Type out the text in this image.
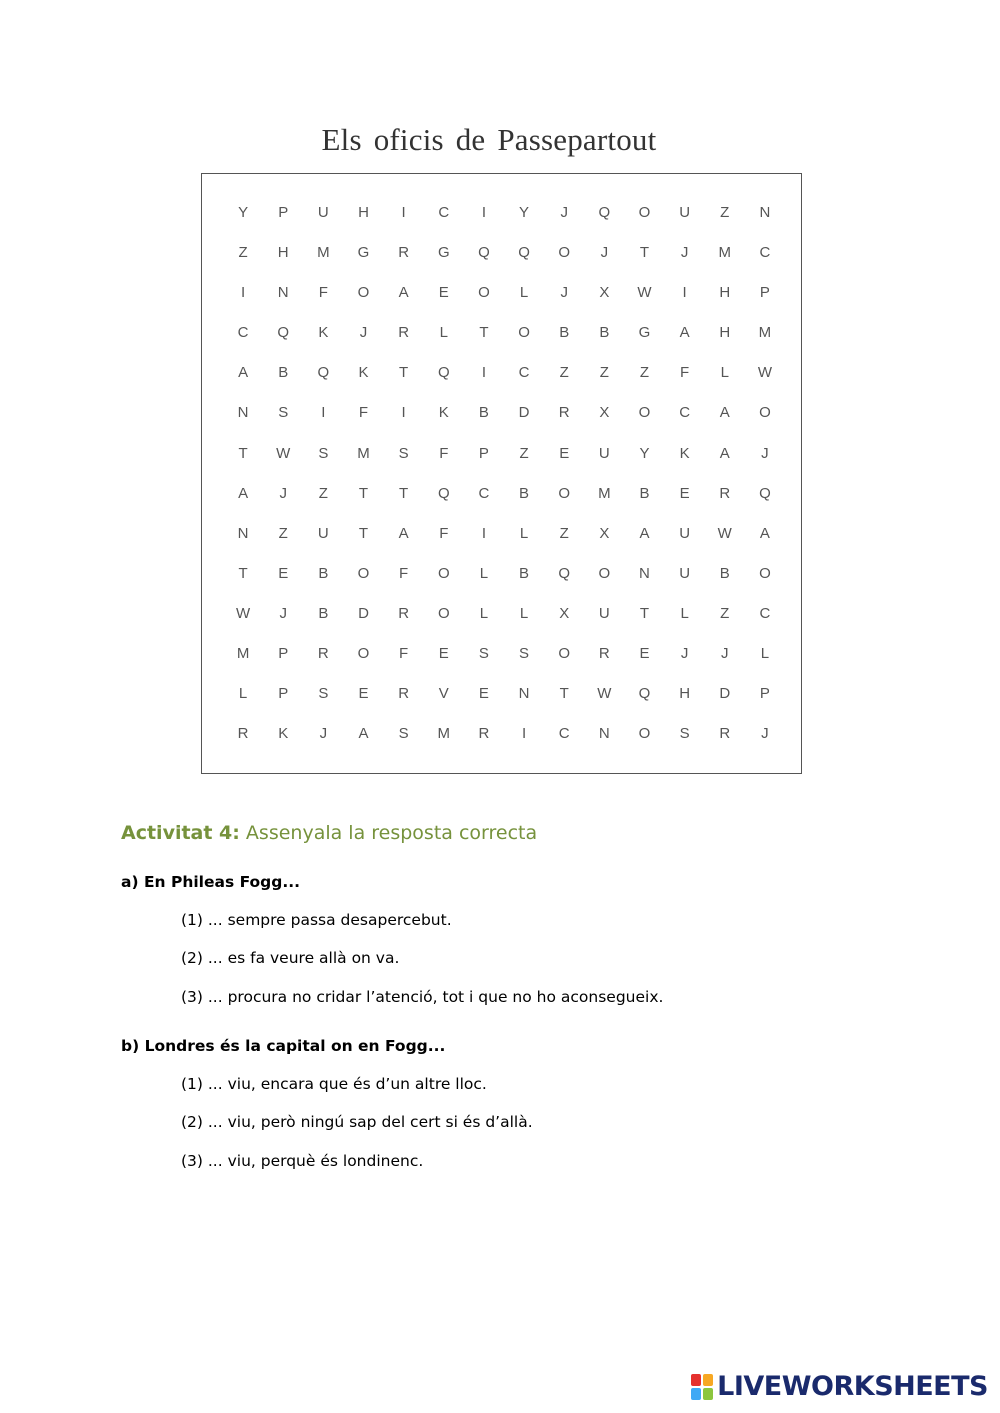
Els oficis de Passepartout
Y	P	U	H	I	C	I	Y	J	Q	O	U	Z	N
Z	H	M	G	R	G	Q	Q	O	J	T	J	M	C
I	N	F	O	A	E	O	L	J	X	W	I	H	P
C	Q	K	J	R	L	T	O	B	B	G	A	H	M
A	B	Q	K	T	Q	I	C	Z	Z	Z	F	L	W
N	S	I	F	I	K	B	D	R	X	O	C	A	O
T	W	S	M	S	F	P	Z	E	U	Y	K	A	J
A	J	Z	T	T	Q	C	B	O	M	B	E	R	Q
N	Z	U	T	A	F	I	L	Z	X	A	U	W	A
T	E	B	O	F	O	L	B	Q	O	N	U	B	O
W	J	B	D	R	O	L	L	X	U	T	L	Z	C
M	P	R	O	F	E	S	S	O	R	E	J	J	L
L	P	S	E	R	V	E	N	T	W	Q	H	D	P
R	K	J	A	S	M	R	I	C	N	O	S	R	J
Activitat 4: Assenyala la resposta correcta
a) En Phileas Fogg...
(1) ... sempre passa desapercebut.
(2) ... es fa veure allà on va.
(3) ... procura no cridar l’atenció, tot i que no ho aconsegueix.
b) Londres és la capital on en Fogg...
(1) ... viu, encara que és d’un altre lloc.
(2) ... viu, però ningú sap del cert si és d’allà.
(3) ... viu, perquè és londinenc.
LIVEWORKSHEETS
